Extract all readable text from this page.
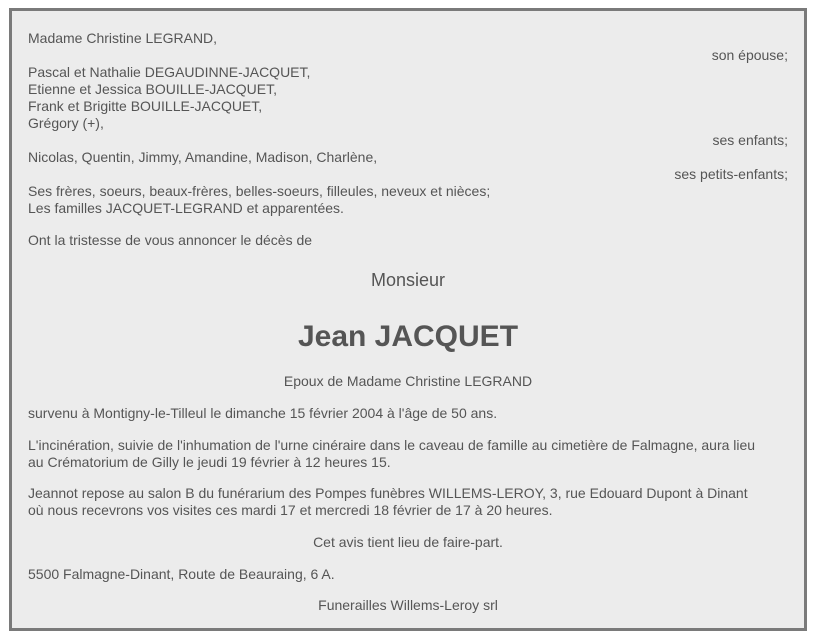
Madame Christine LEGRAND,
son épouse;
Pascal et Nathalie DEGAUDINNE-JACQUET,
Etienne et Jessica BOUILLE-JACQUET,
Frank et Brigitte BOUILLE-JACQUET,
Grégory (+),
ses enfants;
Nicolas, Quentin, Jimmy, Amandine, Madison, Charlène,
ses petits-enfants;
Ses frères, soeurs, beaux-frères, belles-soeurs, filleules, neveux et nièces;
Les familles JACQUET-LEGRAND et apparentées.
Ont la tristesse de vous annoncer le décès de
Monsieur
Jean JACQUET
Epoux de Madame Christine LEGRAND
survenu à Montigny-le-Tilleul le dimanche 15 février 2004 à l'âge de 50 ans.
L'incinération, suivie de l'inhumation de l'urne cinéraire dans le caveau de famille au cimetière de Falmagne, aura lieu
au Crématorium de Gilly le jeudi 19 février à 12 heures 15.
Jeannot repose au salon B du funérarium des Pompes funèbres WILLEMS-LEROY, 3, rue Edouard Dupont à Dinant
où nous recevrons vos visites ces mardi 17 et mercredi 18 février de 17 à 20 heures.
Cet avis tient lieu de faire-part.
5500 Falmagne-Dinant, Route de Beauraing, 6 A.
Funerailles Willems-Leroy srl
